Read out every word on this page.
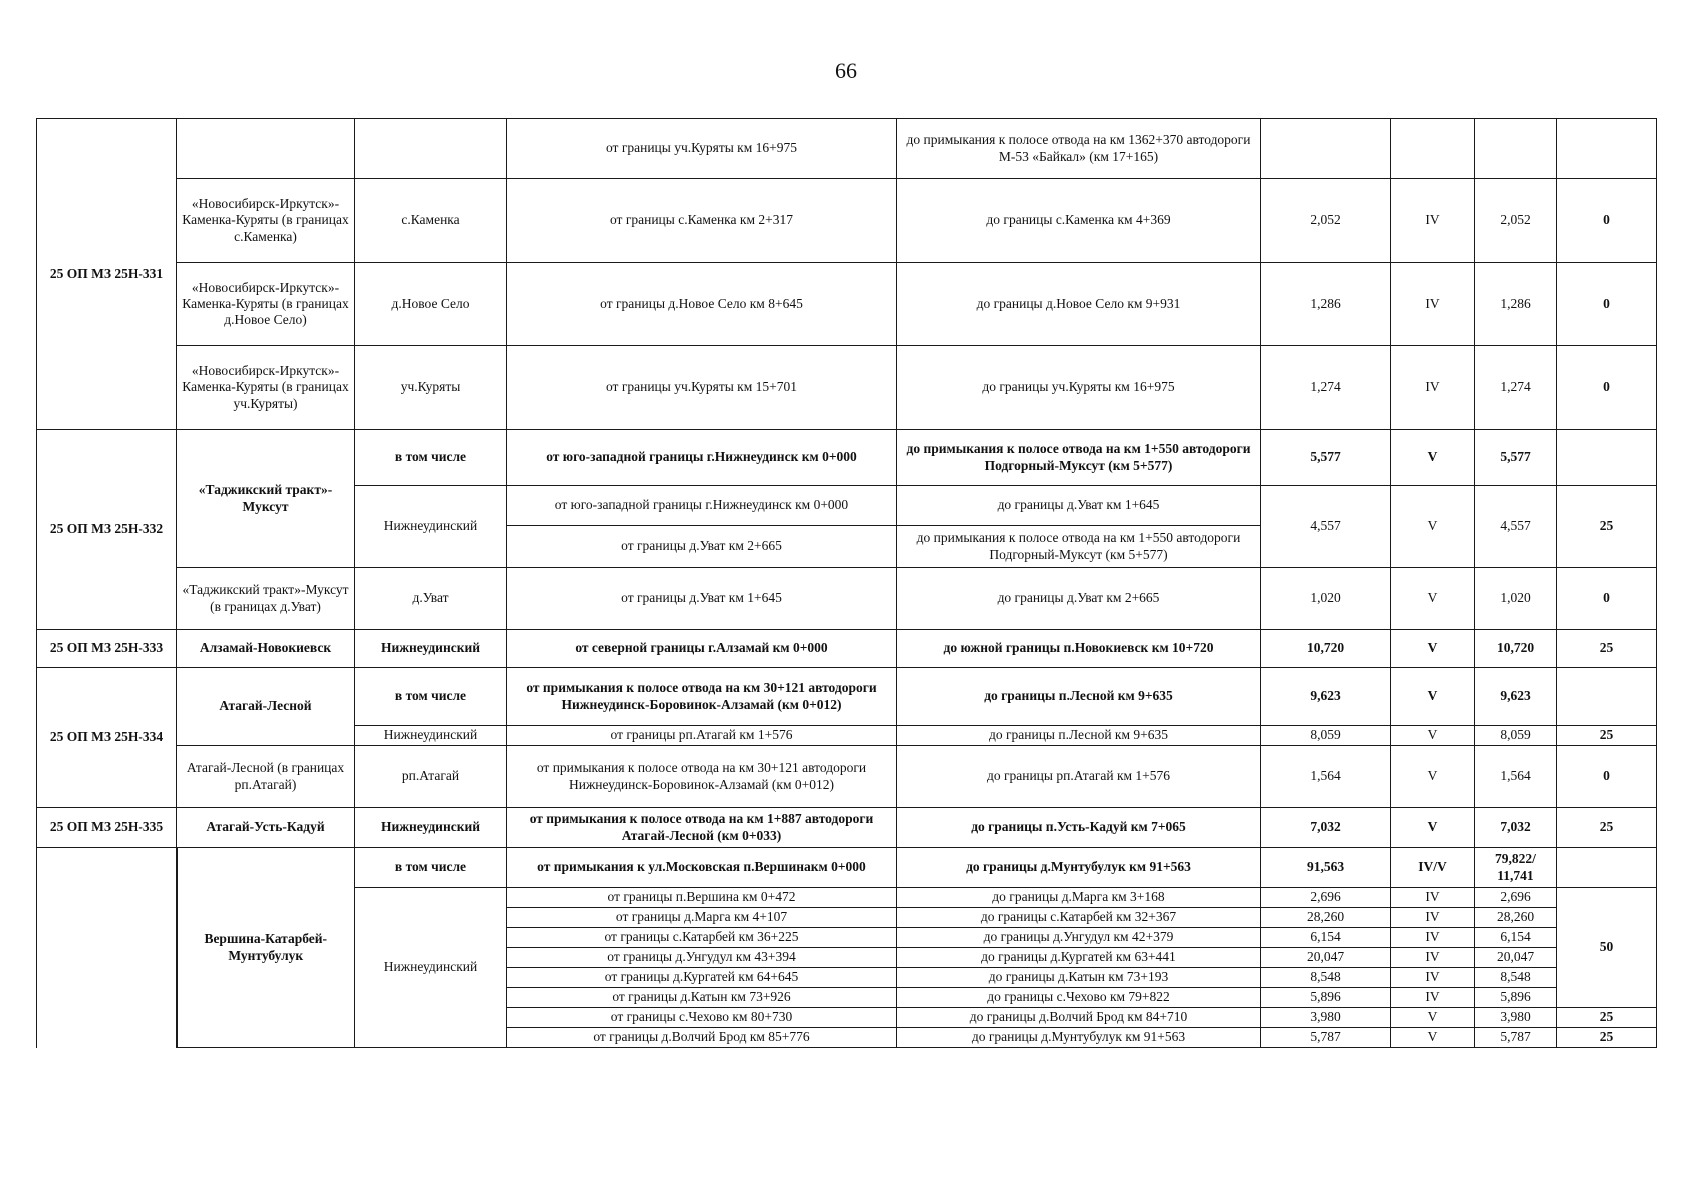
66
25 ОП МЗ 25Н-331			от границы уч.Куряты км 16+975	до примыкания к полосе отвода на км 1362+370 автодороги М-53 «Байкал» (км 17+165)				
	«Новосибирск-Иркутск»-Каменка-Куряты (в границах с.Каменка)	с.Каменка	от границы с.Каменка км 2+317	до границы с.Каменка км 4+369	2,052	IV	2,052	0
	«Новосибирск-Иркутск»-Каменка-Куряты (в границах д.Новое Село)	д.Новое Село	от границы д.Новое Село км 8+645	до границы д.Новое Село км 9+931	1,286	IV	1,286	0
	«Новосибирск-Иркутск»-Каменка-Куряты (в границах уч.Куряты)	уч.Куряты	от границы уч.Куряты км 15+701	до границы уч.Куряты км 16+975	1,274	IV	1,274	0
25 ОП МЗ 25Н-332	«Таджикский тракт»-Муксут	в том числе	от юго-западной границы г.Нижнеудинск км 0+000	до примыкания к полосе отвода на км 1+550 автодороги Подгорный-Муксут (км 5+577)	5,577	V	5,577	
		Нижнеудинский	от юго-западной границы г.Нижнеудинск км 0+000	до границы д.Уват км 1+645	4,557	V	4,557	25
			от границы д.Уват км 2+665	до примыкания к полосе отвода на км 1+550 автодороги Подгорный-Муксут (км 5+577)				
	«Таджикский тракт»-Муксут (в границах д.Уват)	д.Уват	от границы д.Уват км 1+645	до границы д.Уват км 2+665	1,020	V	1,020	0
25 ОП МЗ 25Н-333	Алзамай-Новокиевск	Нижнеудинский	от северной границы г.Алзамай км 0+000	до южной границы п.Новокиевск км 10+720	10,720	V	10,720	25
25 ОП МЗ 25Н-334	Атагай-Лесной	в том числе	от примыкания к полосе отвода на км 30+121 автодороги Нижнеудинск-Боровинок-Алзамай (км 0+012)	до границы п.Лесной км 9+635	9,623	V	9,623	
		Нижнеудинский	от границы рп.Атагай км 1+576	до границы п.Лесной км 9+635	8,059	V	8,059	25
	Атагай-Лесной (в границах рп.Атагай)	рп.Атагай	от примыкания к полосе отвода на км 30+121 автодороги Нижнеудинск-Боровинок-Алзамай (км 0+012)	до границы рп.Атагай км 1+576	1,564	V	1,564	0
25 ОП МЗ 25Н-335	Атагай-Усть-Кадуй	Нижнеудинский	от примыкания к полосе отвода на км 1+887 автодороги Атагай-Лесной (км 0+033)	до границы п.Усть-Кадуй км 7+065	7,032	V	7,032	25
	Вершина-Катарбей-Мунтубулук	в том числе	от примыкания к ул.Московская п.Вершинакм 0+000	до границы д.Мунтубулук км 91+563	91,563	IV/V	79,822/ 11,741	
		Нижнеудинский	от границы п.Вершина км 0+472	до границы д.Марга км 3+168	2,696	IV	2,696	50
			от границы д.Марга км 4+107	до границы с.Катарбей км 32+367	28,260	IV	28,260	
			от границы с.Катарбей км 36+225	до границы д.Унгудул км 42+379	6,154	IV	6,154	
			от границы д.Унгудул км 43+394	до границы д.Кургатей км 63+441	20,047	IV	20,047	
			от границы д.Кургатей км 64+645	до границы д.Катын км 73+193	8,548	IV	8,548	
			от границы д.Катын км 73+926	до границы с.Чехово км 79+822	5,896	IV	5,896	
			от границы с.Чехово км 80+730	до границы д.Волчий Брод км 84+710	3,980	V	3,980	25
			от границы д.Волчий Брод км 85+776	до границы д.Мунтубулук км 91+563	5,787	V	5,787	25
